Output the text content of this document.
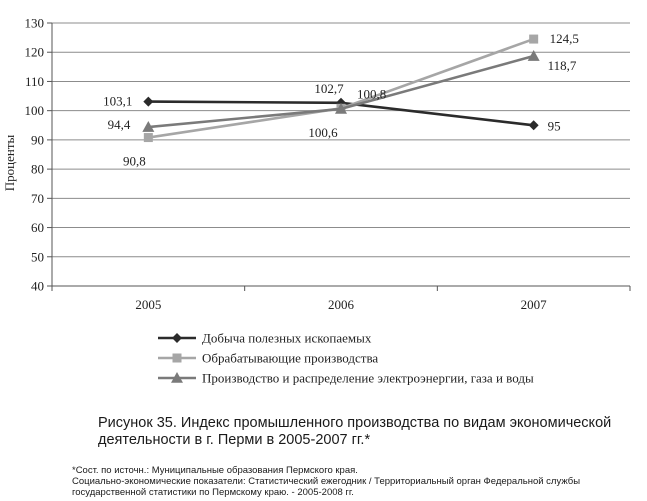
40
50
60
70
80
90
100
110
120
130
2005	2006	2007
Проценты
103,1
102,7
95
90,8
100,8
124,5
94,4
100,6
118,7
Добыча полезных ископаемых
Обрабатывающие производства
Производство и распределение электроэнергии, газа и воды
Рисунок 35. Индекс промышленного производства по видам экономической
деятельности в г. Перми в 2005-2007 гг.*
*Сост. по источн.: Муниципальные образования Пермского края.
Социально-экономические показатели: Статистический ежегодник / Территориальный орган Федеральной службы
государственной статистики по Пермскому краю. - 2005-2008 гг.
